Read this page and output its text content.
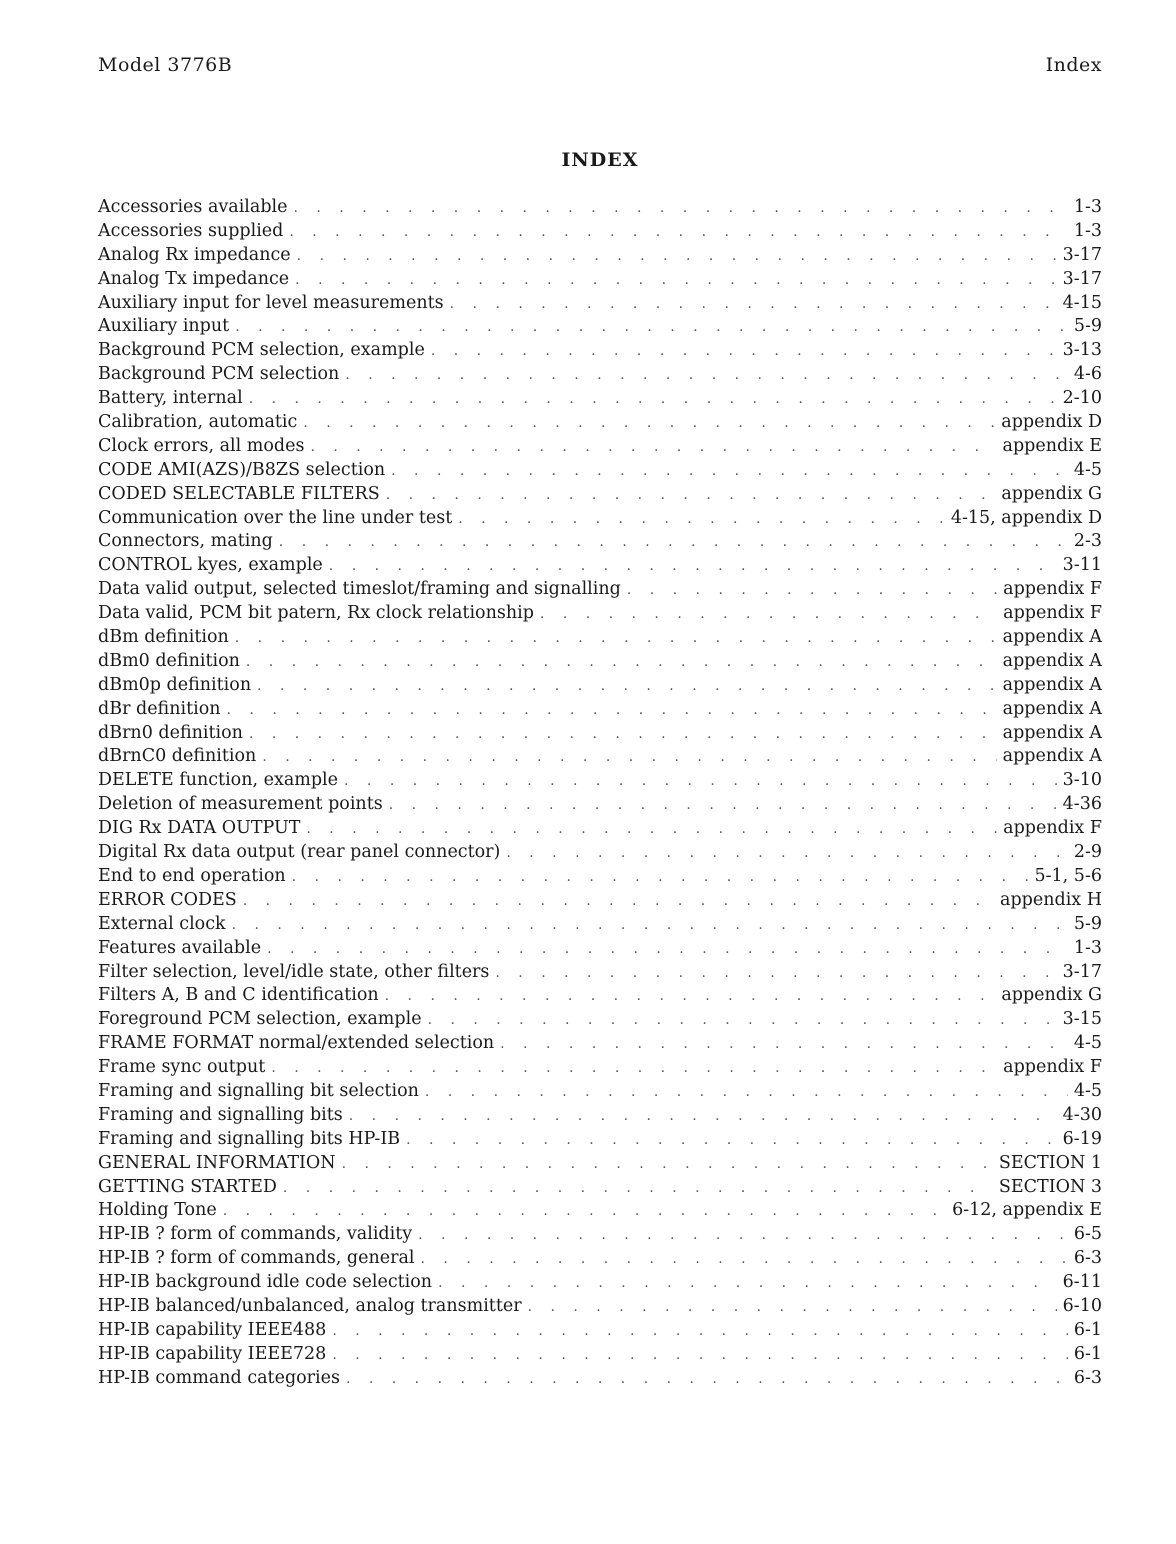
Model 3776B	Index
INDEX
Accessories available . . .	1-3
Accessories supplied . . .	1-3
Analog Rx impedance . . .	3-17
Analog Tx impedance . . .	3-17
Auxiliary input for level measurements . . .	4-15
Auxiliary input . . .	5-9
Background PCM selection, example . . .	3-13
Background PCM selection . . .	4-6
Battery, internal . . .	2-10
Calibration, automatic . . .	appendix D
Clock errors, all modes . . .	appendix E
CODE AMI(AZS)/B8ZS selection . . .	4-5
CODED SELECTABLE FILTERS . . .	appendix G
Communication over the line under test . . .	4-15, appendix D
Connectors, mating . . .	2-3
CONTROL kyes, example . . .	3-11
Data valid output, selected timeslot/framing and signalling . . .	appendix F
Data valid, PCM bit patern, Rx clock relationship . . .	appendix F
dBm definition . . .	appendix A
dBm0 definition . . .	appendix A
dBm0p definition . . .	appendix A
dBr definition . . .	appendix A
dBrn0 definition . . .	appendix A
dBrnC0 definition . . .	appendix A
DELETE function, example . . .	3-10
Deletion of measurement points . . .	4-36
DIG Rx DATA OUTPUT . . .	appendix F
Digital Rx data output (rear panel connector) . . .	2-9
End to end operation . . .	5-1, 5-6
ERROR CODES . . .	appendix H
External clock . . .	5-9
Features available . . .	1-3
Filter selection, level/idle state, other filters . . .	3-17
Filters A, B and C identification . . .	appendix G
Foreground PCM selection, example . . .	3-15
FRAME FORMAT normal/extended selection . . .	4-5
Frame sync output . . .	appendix F
Framing and signalling bit selection . . .	4-5
Framing and signalling bits . . .	4-30
Framing and signalling bits HP-IB . . .	6-19
GENERAL INFORMATION . . .	SECTION 1
GETTING STARTED . . .	SECTION 3
Holding Tone . . .	6-12, appendix E
HP-IB ? form of commands, validity . . .	6-5
HP-IB ? form of commands, general . . .	6-3
HP-IB background idle code selection . . .	6-11
HP-IB balanced/unbalanced, analog transmitter . . .	6-10
HP-IB capability IEEE488 . . .	6-1
HP-IB capability IEEE728 . . .	6-1
HP-IB command categories . . .	6-3
